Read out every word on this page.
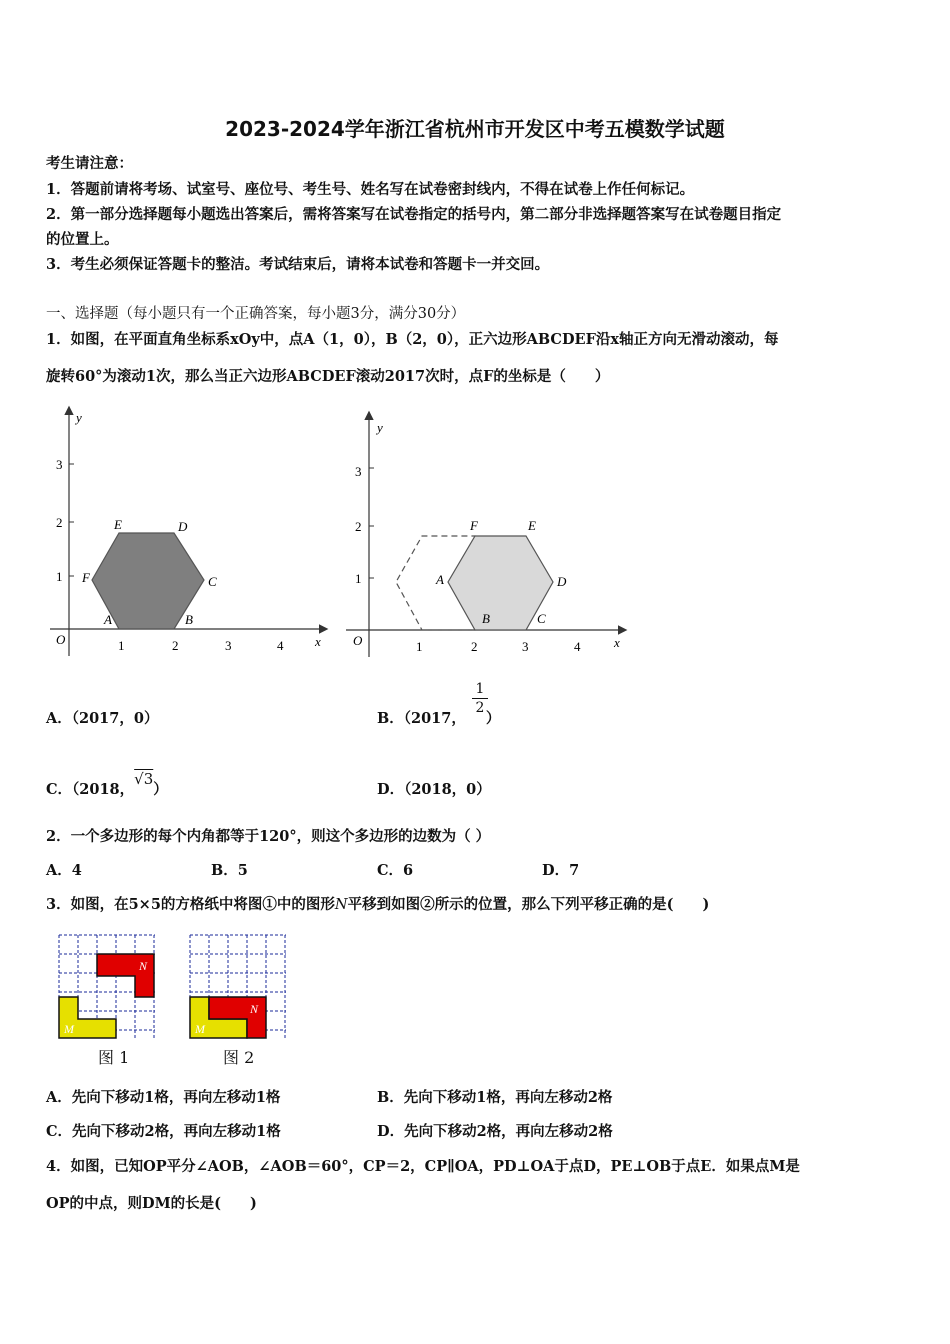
2023-2024学年浙江省杭州市开发区中考五模数学试题
考生请注意：
1．答题前请将考场、试室号、座位号、考生号、姓名写在试卷密封线内，不得在试卷上作任何标记。
2．第一部分选择题每小题选出答案后，需将答案写在试卷指定的括号内，第二部分非选择题答案写在试卷题目指定
的位置上。
3．考生必须保证答题卡的整洁。考试结束后，请将本试卷和答题卡一并交回。
一、选择题（每小题只有一个正确答案，每小题3分，满分30分）
1．如图，在平面直角坐标系xOy中，点A（1，0），B（2，0），正六边形ABCDEF沿x轴正方向无滑动滚动，每
旋转60°为滚动1次，那么当正六边形ABCDEF滚动2017次时，点F的坐标是（　　）
y
x
O	1	2	3	4
1
2
3
A	B
C
D
E
F
y
x
O	1	2	3	4
1
2
3
A
B	C
D
E
F
A．（2017，0）	B．（2017， ）
1
2
C．（2018，√3）	D．（2018，0）
2．一个多边形的每个内角都等于120°，则这个多边形的边数为（ ）
A．4	B．5	C．6	D．7
3．如图，在5×5的方格纸中将图①中的图形N平移到如图②所示的位置，那么下列平移正确的是(　　)
M
N
图 1
M
N
图 2
A．先向下移动1格，再向左移动1格	B．先向下移动1格，再向左移动2格
C．先向下移动2格，再向左移动1格	D．先向下移动2格，再向左移动2格
4．如图，已知OP平分∠AOB，∠AOB＝60°，CP＝2，CP∥OA，PD⊥OA于点D，PE⊥OB于点E．如果点M是
OP的中点，则DM的长是(　　)
